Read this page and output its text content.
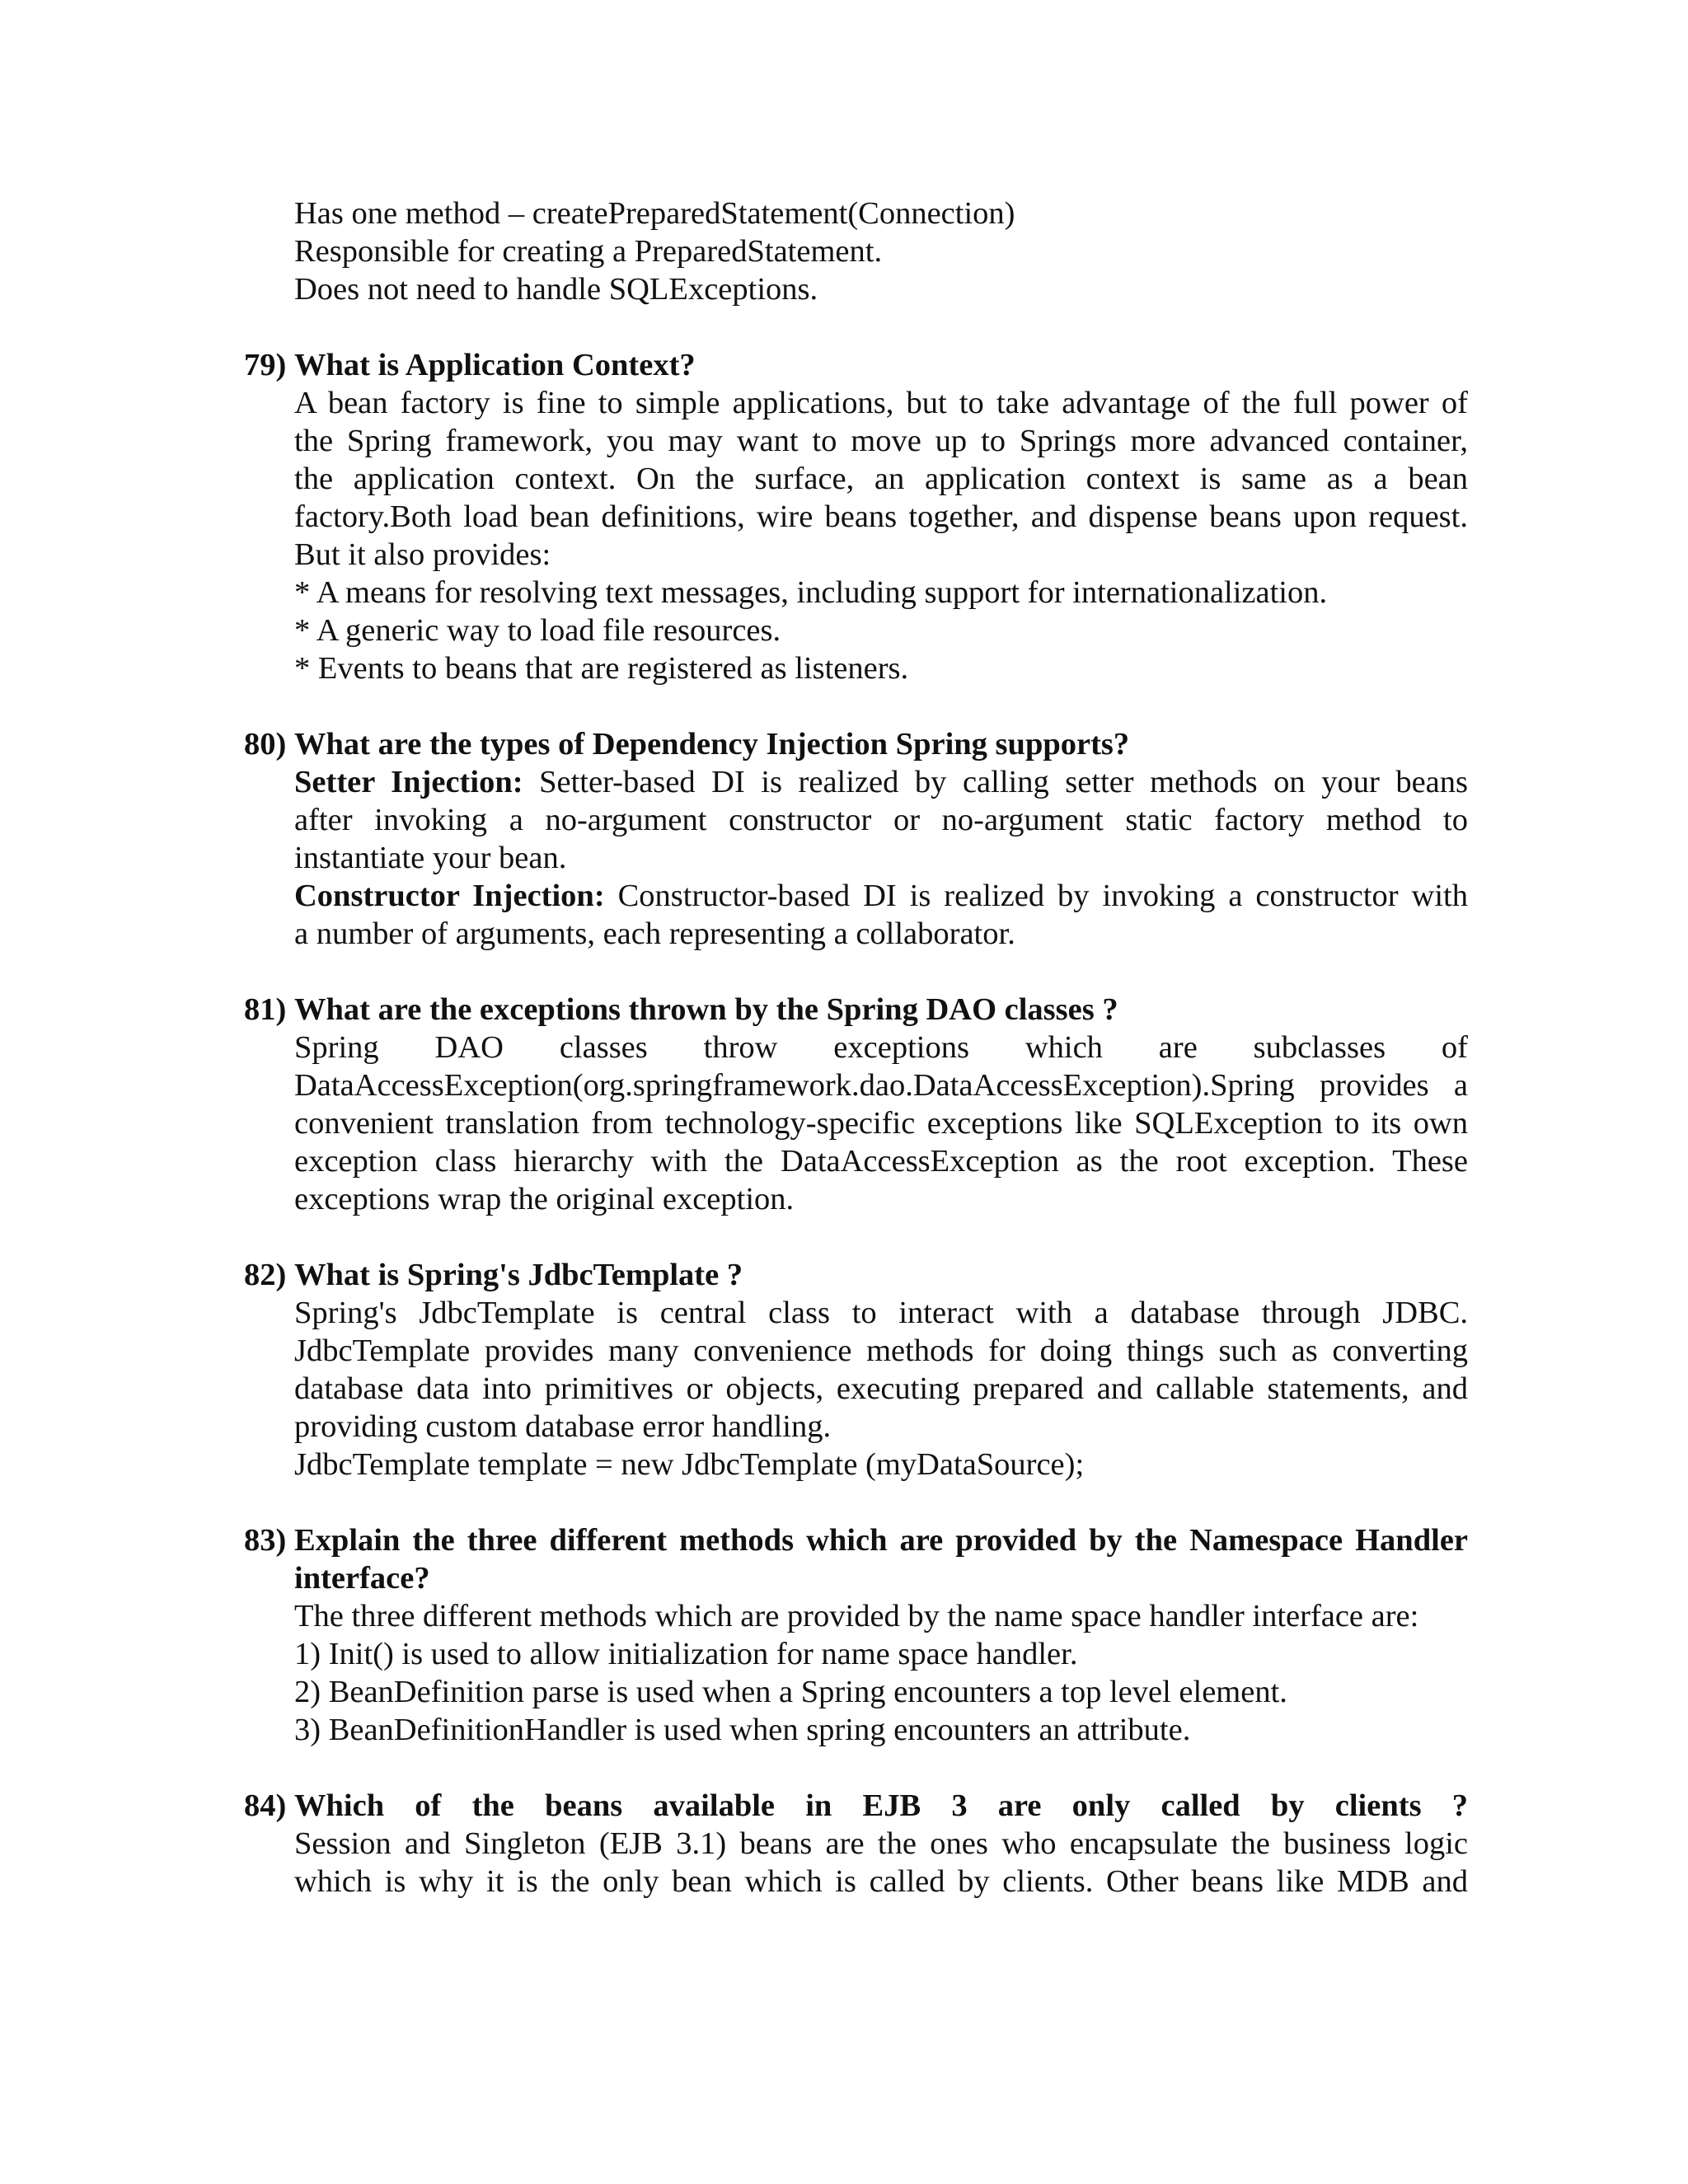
Has one method – createPreparedStatement(Connection)
Responsible for creating a PreparedStatement.
Does not need to handle SQLExceptions.
79) What is Application Context?
A bean factory is fine to simple applications, but to take advantage of the full power of
the Spring framework, you may want to move up to Springs more advanced container,
the application context. On the surface, an application context is same as a bean
factory.Both load bean definitions, wire beans together, and dispense beans upon request.
But it also provides:
* A means for resolving text messages, including support for internationalization.
* A generic way to load file resources.
* Events to beans that are registered as listeners.
80) What are the types of Dependency Injection Spring supports?
Setter Injection: Setter-based DI is realized by calling setter methods on your beans
after invoking a no-argument constructor or no-argument static factory method to
instantiate your bean.
Constructor Injection: Constructor-based DI is realized by invoking a constructor with
a number of arguments, each representing a collaborator.
81) What are the exceptions thrown by the Spring DAO classes ?
Spring DAO classes throw exceptions which are subclasses of
DataAccessException(org.springframework.dao.DataAccessException).Spring provides a
convenient translation from technology-specific exceptions like SQLException to its own
exception class hierarchy with the DataAccessException as the root exception. These
exceptions wrap the original exception.
82) What is Spring's JdbcTemplate ?
Spring's JdbcTemplate is central class to interact with a database through JDBC.
JdbcTemplate provides many convenience methods for doing things such as converting
database data into primitives or objects, executing prepared and callable statements, and
providing custom database error handling.
JdbcTemplate template = new JdbcTemplate (myDataSource);
83) Explain the three different methods which are provided by the Namespace Handler
interface?
The three different methods which are provided by the name space handler interface are:
1) Init() is used to allow initialization for name space handler.
2) BeanDefinition parse is used when a Spring encounters a top level element.
3) BeanDefinitionHandler is used when spring encounters an attribute.
84) Which of the beans available in EJB 3 are only called by clients ?
Session and Singleton (EJB 3.1) beans are the ones who encapsulate the business logic
which is why it is the only bean which is called by clients. Other beans like MDB and
